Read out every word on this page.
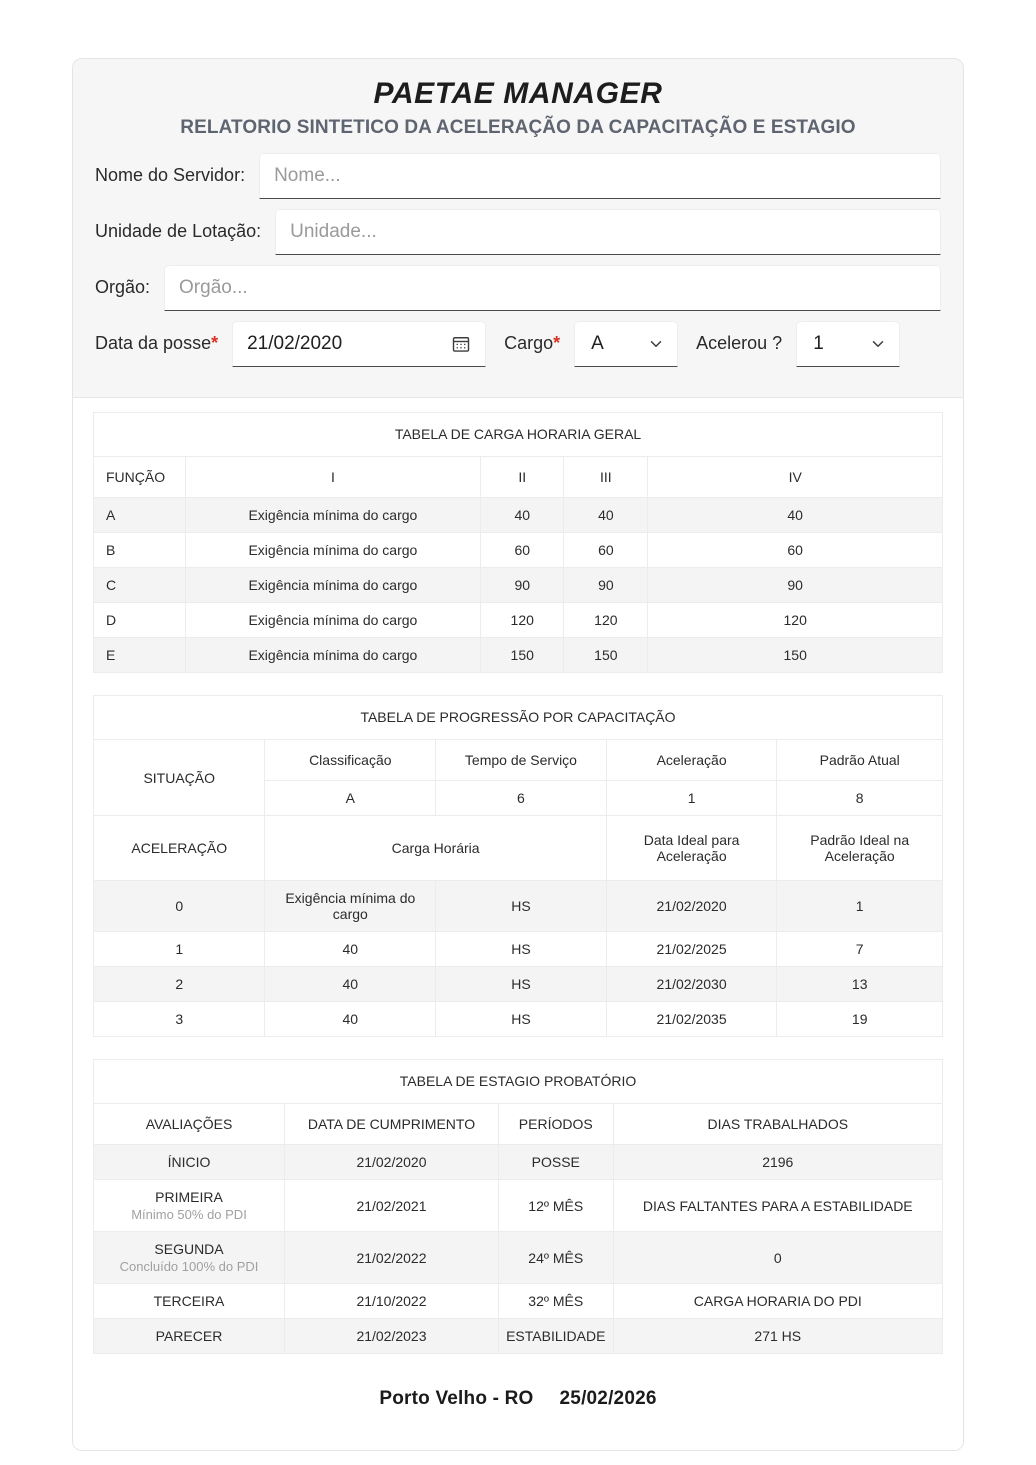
PAETAE MANAGER
RELATORIO SINTETICO DA ACELERAÇÃO DA CAPACITAÇÃO E ESTAGIO
Nome do Servidor: Nome...
Unidade de Lotação: Unidade...
Orgão: Orgão...
Data da posse* 21/02/2020	Cargo* A	Acelerou ? 1
TABELA DE CARGA HORARIA GERAL				
FUNÇÃO	I	II	III	IV
A	Exigência mínima do cargo	40	40	40
B	Exigência mínima do cargo	60	60	60
C	Exigência mínima do cargo	90	90	90
D	Exigência mínima do cargo	120	120	120
E	Exigência mínima do cargo	150	150	150
TABELA DE PROGRESSÃO POR CAPACITAÇÃO				
SITUAÇÃO	Classificação	Tempo de Serviço	Aceleração	Padrão Atual
	A	6	1	8
ACELERAÇÃO	Carga Horária		Data Ideal para Aceleração	Padrão Ideal na Aceleração
0	Exigência mínima do cargo	HS	21/02/2020	1
1	40	HS	21/02/2025	7
2	40	HS	21/02/2030	13
3	40	HS	21/02/2035	19
TABELA DE ESTAGIO PROBATÓRIO			
AVALIAÇÕES	DATA DE CUMPRIMENTO	PERÍODOS	DIAS TRABALHADOS
ÍNICIO	21/02/2020	POSSE	2196
PRIMEIRA
Mínimo 50% do PDI	21/02/2021	12º MÊS	DIAS FALTANTES PARA A ESTABILIDADE
SEGUNDA
Concluído 100% do PDI	21/02/2022	24º MÊS	0
TERCEIRA	21/10/2022	32º MÊS	CARGA HORARIA DO PDI
PARECER	21/02/2023	ESTABILIDADE	271 HS
Porto Velho - RO 25/02/2026
